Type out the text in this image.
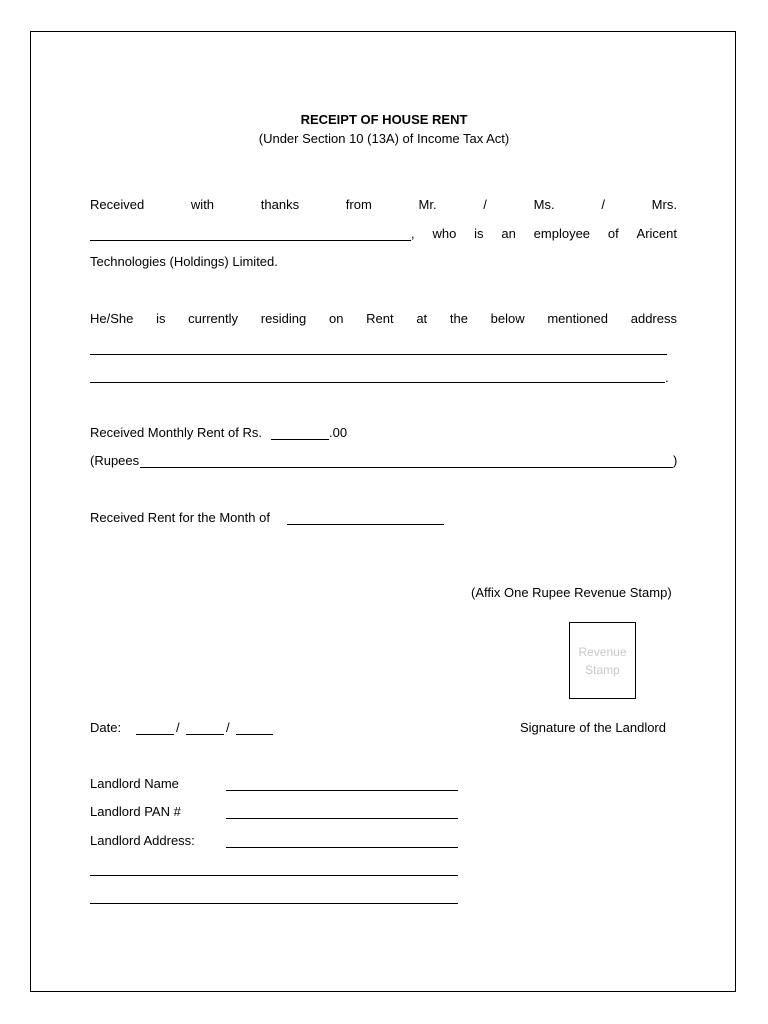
RECEIPT OF HOUSE RENT
(Under Section 10 (13A) of Income Tax Act)
Received	with	thanks	from	Mr.	/	Ms.	/	Mrs.
, who is an employee of Aricent
Technologies (Holdings) Limited.
He/She is currently residing on Rent at the below mentioned address
.
Received Monthly Rent of Rs.	.00
(Rupees	)
Received Rent for the Month of
(Affix One Rupee Revenue Stamp)
Revenue
Stamp
Date:	/	/	Signature of the Landlord
Landlord Name
Landlord PAN #
Landlord Address:
